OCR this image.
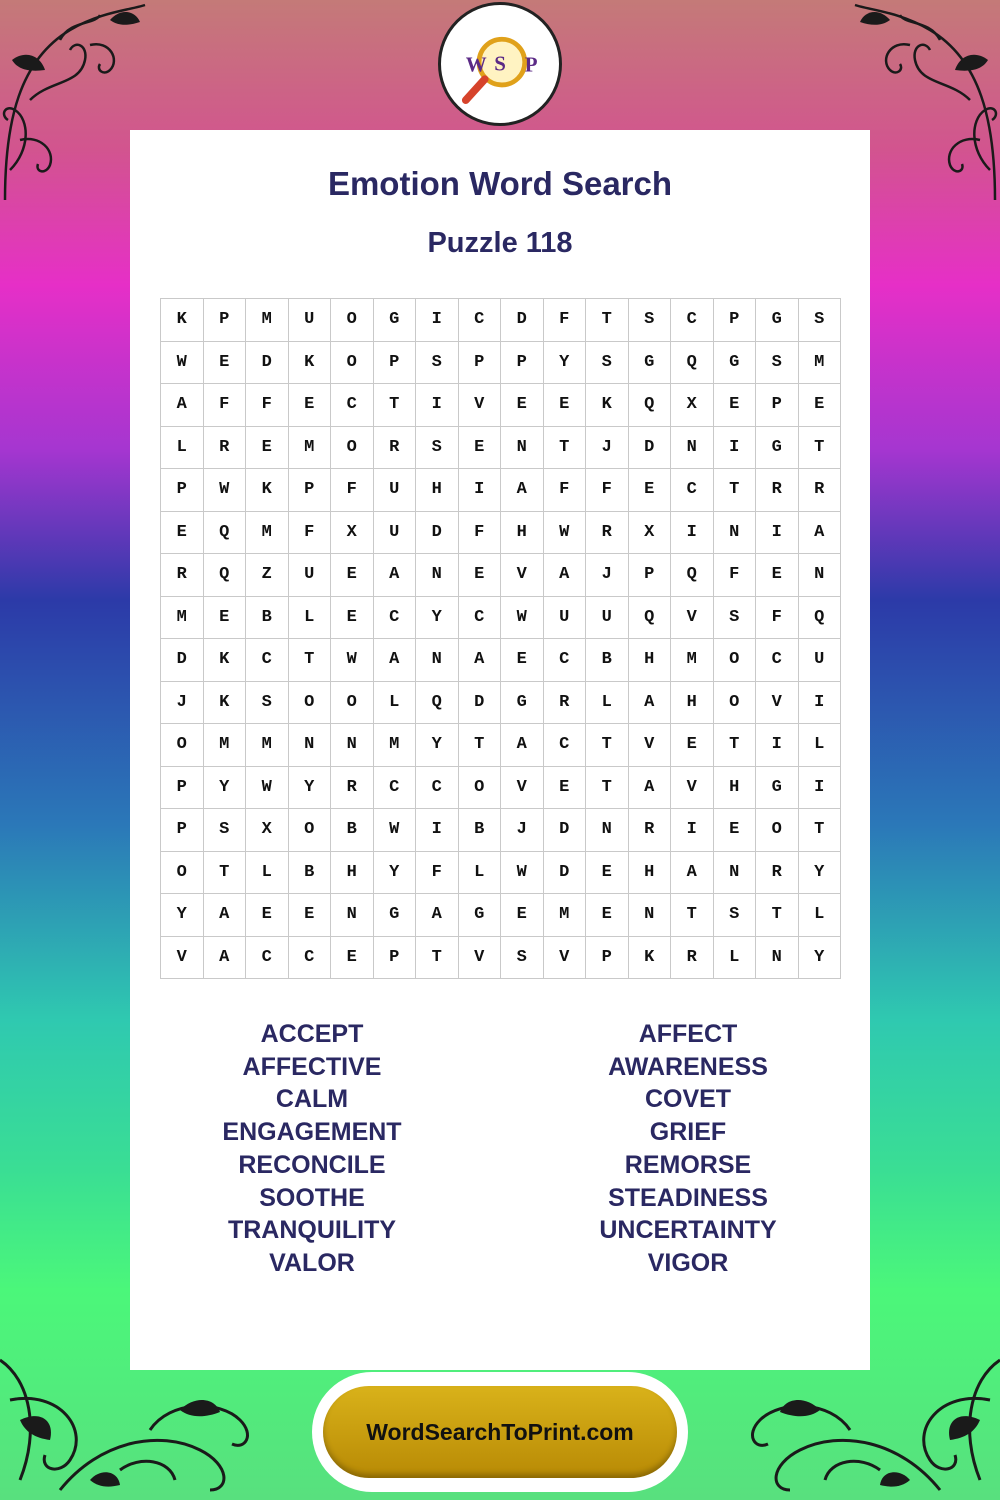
W S P
Emotion Word Search
Puzzle 118
K	P	M	U	O	G	I	C	D	F	T	S	C	P	G	S
W	E	D	K	O	P	S	P	P	Y	S	G	Q	G	S	M
A	F	F	E	C	T	I	V	E	E	K	Q	X	E	P	E
L	R	E	M	O	R	S	E	N	T	J	D	N	I	G	T
P	W	K	P	F	U	H	I	A	F	F	E	C	T	R	R
E	Q	M	F	X	U	D	F	H	W	R	X	I	N	I	A
R	Q	Z	U	E	A	N	E	V	A	J	P	Q	F	E	N
M	E	B	L	E	C	Y	C	W	U	U	Q	V	S	F	Q
D	K	C	T	W	A	N	A	E	C	B	H	M	O	C	U
J	K	S	O	O	L	Q	D	G	R	L	A	H	O	V	I
O	M	M	N	N	M	Y	T	A	C	T	V	E	T	I	L
P	Y	W	Y	R	C	C	O	V	E	T	A	V	H	G	I
P	S	X	O	B	W	I	B	J	D	N	R	I	E	O	T
O	T	L	B	H	Y	F	L	W	D	E	H	A	N	R	Y
Y	A	E	E	N	G	A	G	E	M	E	N	T	S	T	L
V	A	C	C	E	P	T	V	S	V	P	K	R	L	N	Y
ACCEPT
AFFECTIVE
CALM
ENGAGEMENT
RECONCILE
SOOTHE
TRANQUILITY
VALOR
AFFECT
AWARENESS
COVET
GRIEF
REMORSE
STEADINESS
UNCERTAINTY
VIGOR
WordSearchToPrint.com
